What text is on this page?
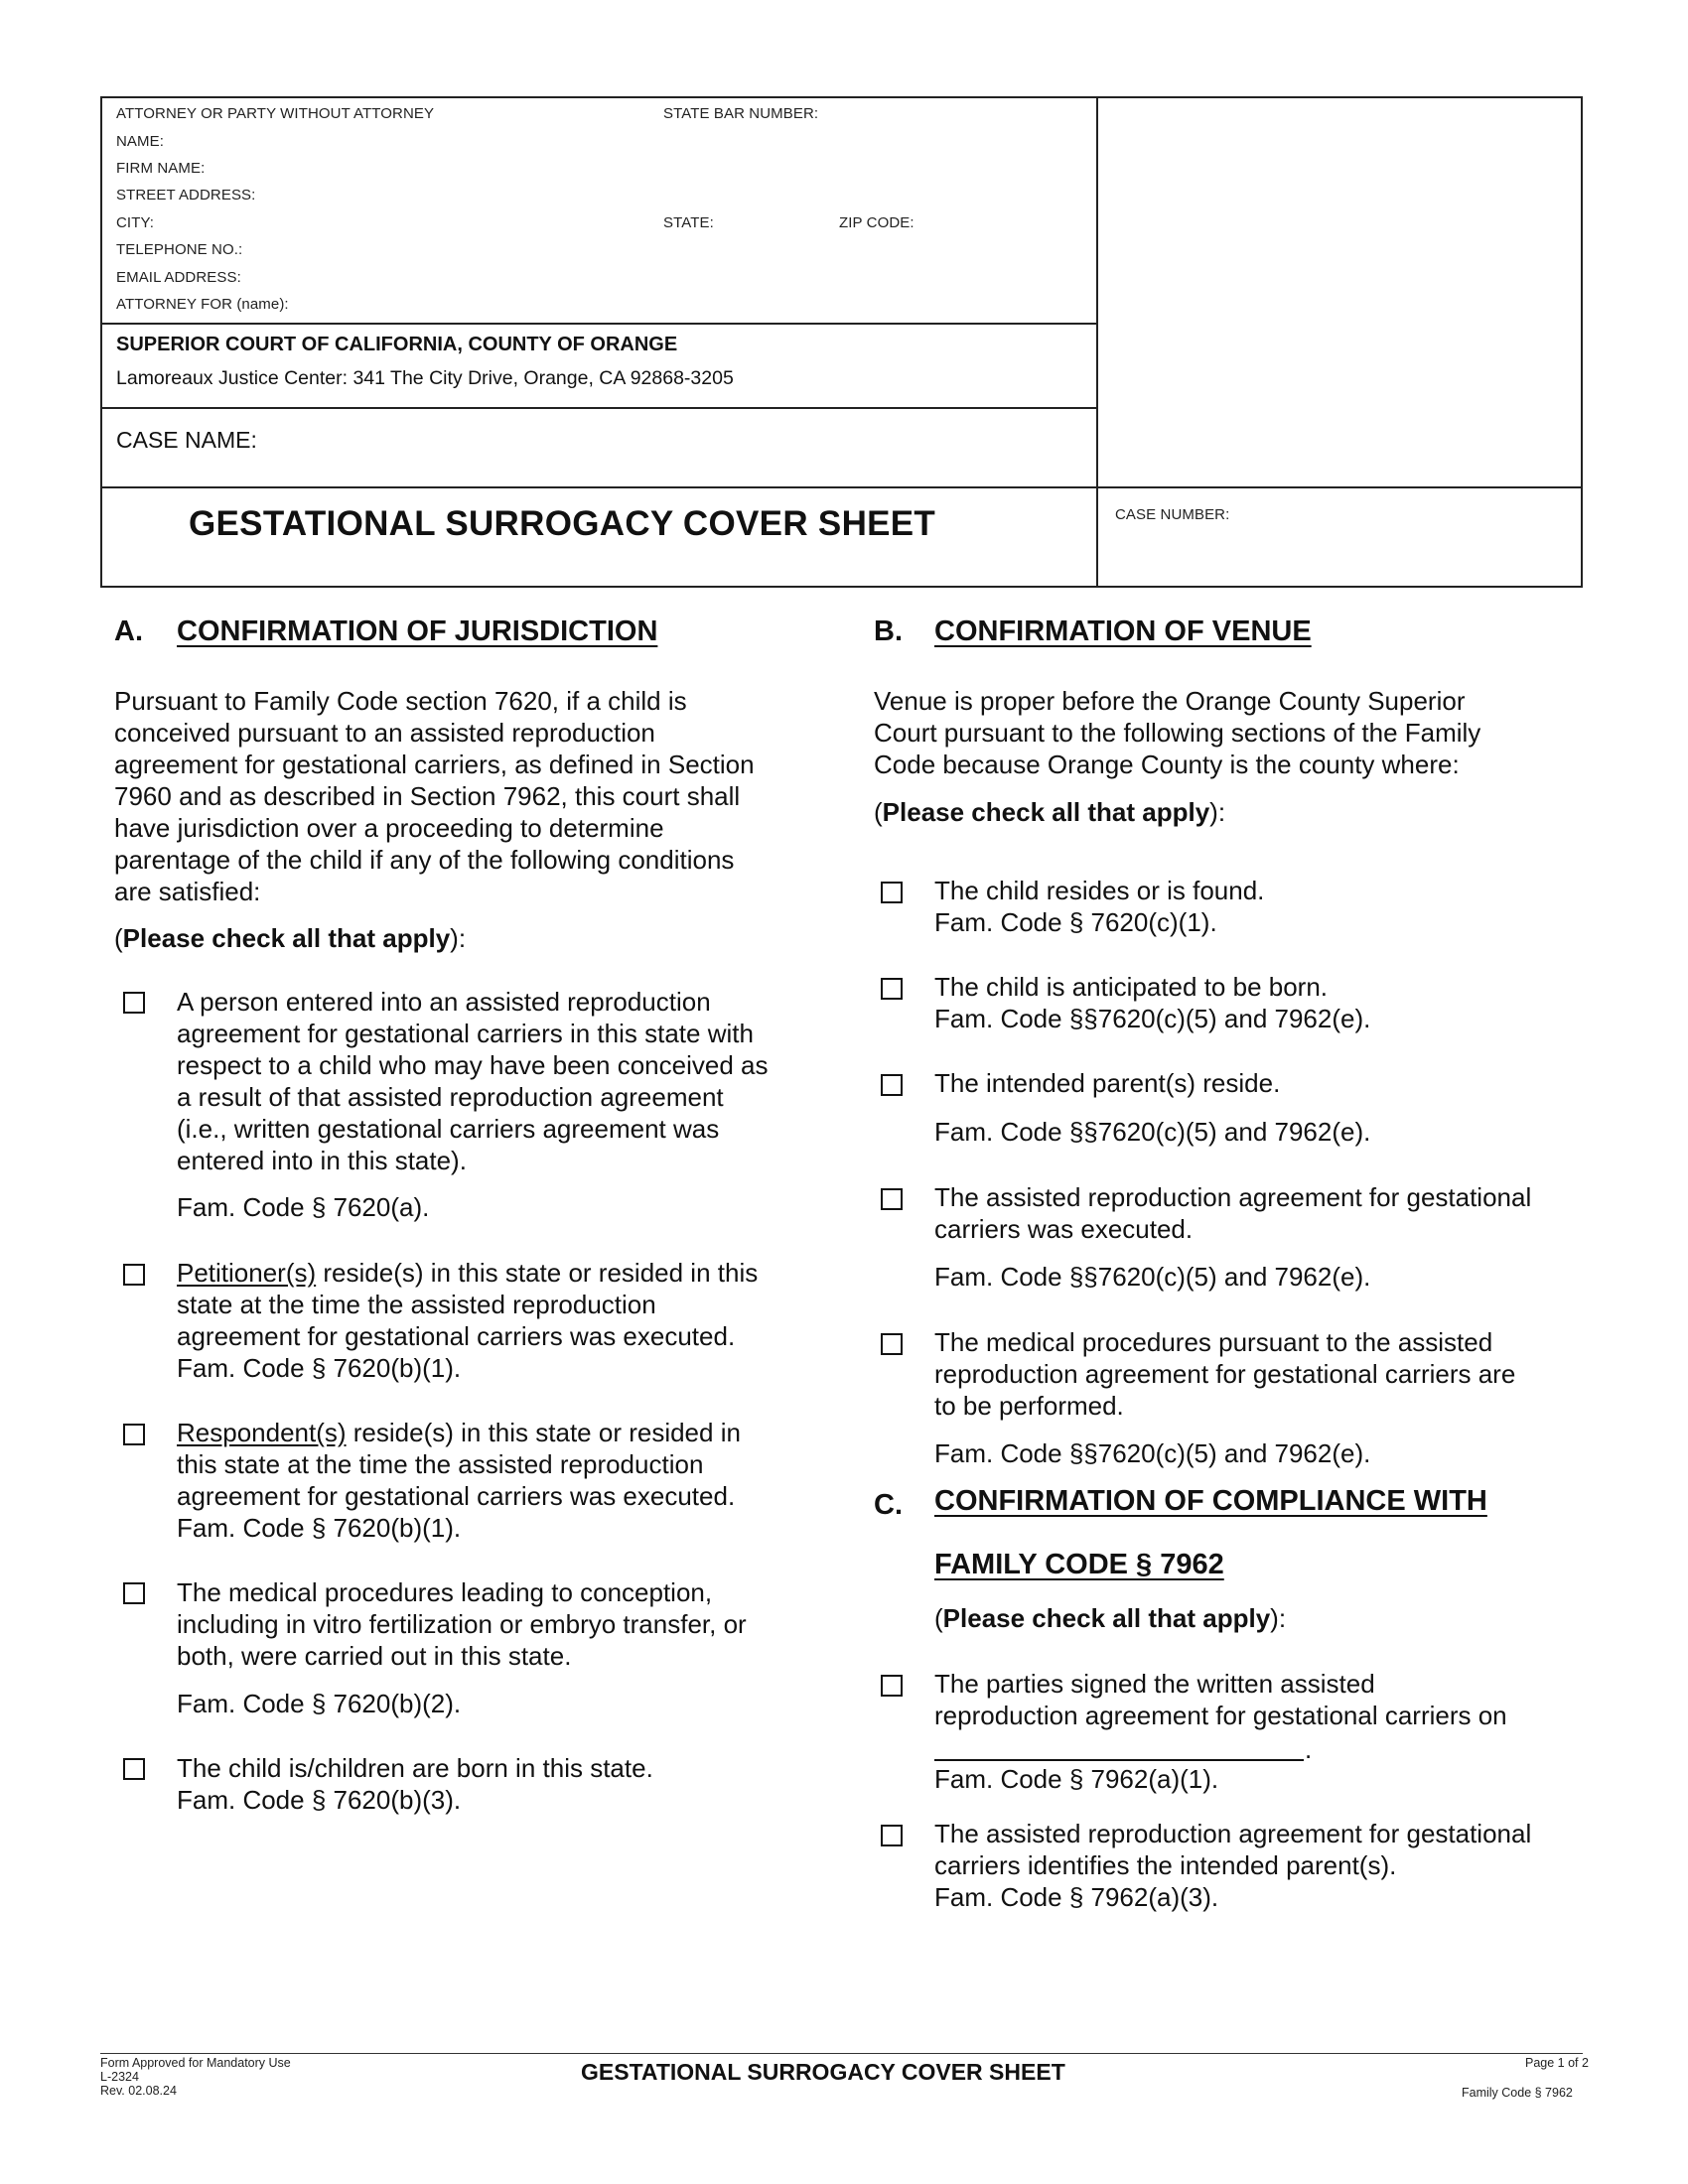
ATTORNEY OR PARTY WITHOUT ATTORNEY	STATE BAR NUMBER:
NAME:
FIRM NAME:
STREET ADDRESS:
CITY:	STATE:	ZIP CODE:
TELEPHONE NO.:
EMAIL ADDRESS:
ATTORNEY FOR (name):
SUPERIOR COURT OF CALIFORNIA, COUNTY OF ORANGE
Lamoreaux Justice Center: 341 The City Drive, Orange, CA 92868-3205
CASE NAME:
GESTATIONAL SURROGACY COVER SHEET	CASE NUMBER:
A. CONFIRMATION OF JURISDICTION
Pursuant to Family Code section 7620, if a child is
conceived pursuant to an assisted reproduction
agreement for gestational carriers, as defined in Section
7960 and as described in Section 7962, this court shall
have jurisdiction over a proceeding to determine
parentage of the child if any of the following conditions
are satisfied:
(Please check all that apply):
A person entered into an assisted reproduction
agreement for gestational carriers in this state with
respect to a child who may have been conceived as
a result of that assisted reproduction agreement
(i.e., written gestational carriers agreement was
entered into in this state).
Fam. Code § 7620(a).
Petitioner(s) reside(s) in this state or resided in this
state at the time the assisted reproduction
agreement for gestational carriers was executed.
Fam. Code § 7620(b)(1).
Respondent(s) reside(s) in this state or resided in
this state at the time the assisted reproduction
agreement for gestational carriers was executed.
Fam. Code § 7620(b)(1).
The medical procedures leading to conception,
including in vitro fertilization or embryo transfer, or
both, were carried out in this state.
Fam. Code § 7620(b)(2).
The child is/children are born in this state.
Fam. Code § 7620(b)(3).
B. CONFIRMATION OF VENUE
Venue is proper before the Orange County Superior
Court pursuant to the following sections of the Family
Code because Orange County is the county where:
(Please check all that apply):
The child resides or is found.
Fam. Code § 7620(c)(1).
The child is anticipated to be born.
Fam. Code §§7620(c)(5) and 7962(e).
The intended parent(s) reside.
Fam. Code §§7620(c)(5) and 7962(e).
The assisted reproduction agreement for gestational
carriers was executed.
Fam. Code §§7620(c)(5) and 7962(e).
The medical procedures pursuant to the assisted
reproduction agreement for gestational carriers are
to be performed.
Fam. Code §§7620(c)(5) and 7962(e).
C. CONFIRMATION OF COMPLIANCE WITH
FAMILY CODE § 7962
(Please check all that apply):
The parties signed the written assisted
reproduction agreement for gestational carriers on
.
Fam. Code § 7962(a)(1).
The assisted reproduction agreement for gestational
carriers identifies the intended parent(s).
Fam. Code § 7962(a)(3).
Form Approved for Mandatory Use
L-2324
Rev. 02.08.24
GESTATIONAL SURROGACY COVER SHEET	Page 1 of 2
Family Code § 7962
